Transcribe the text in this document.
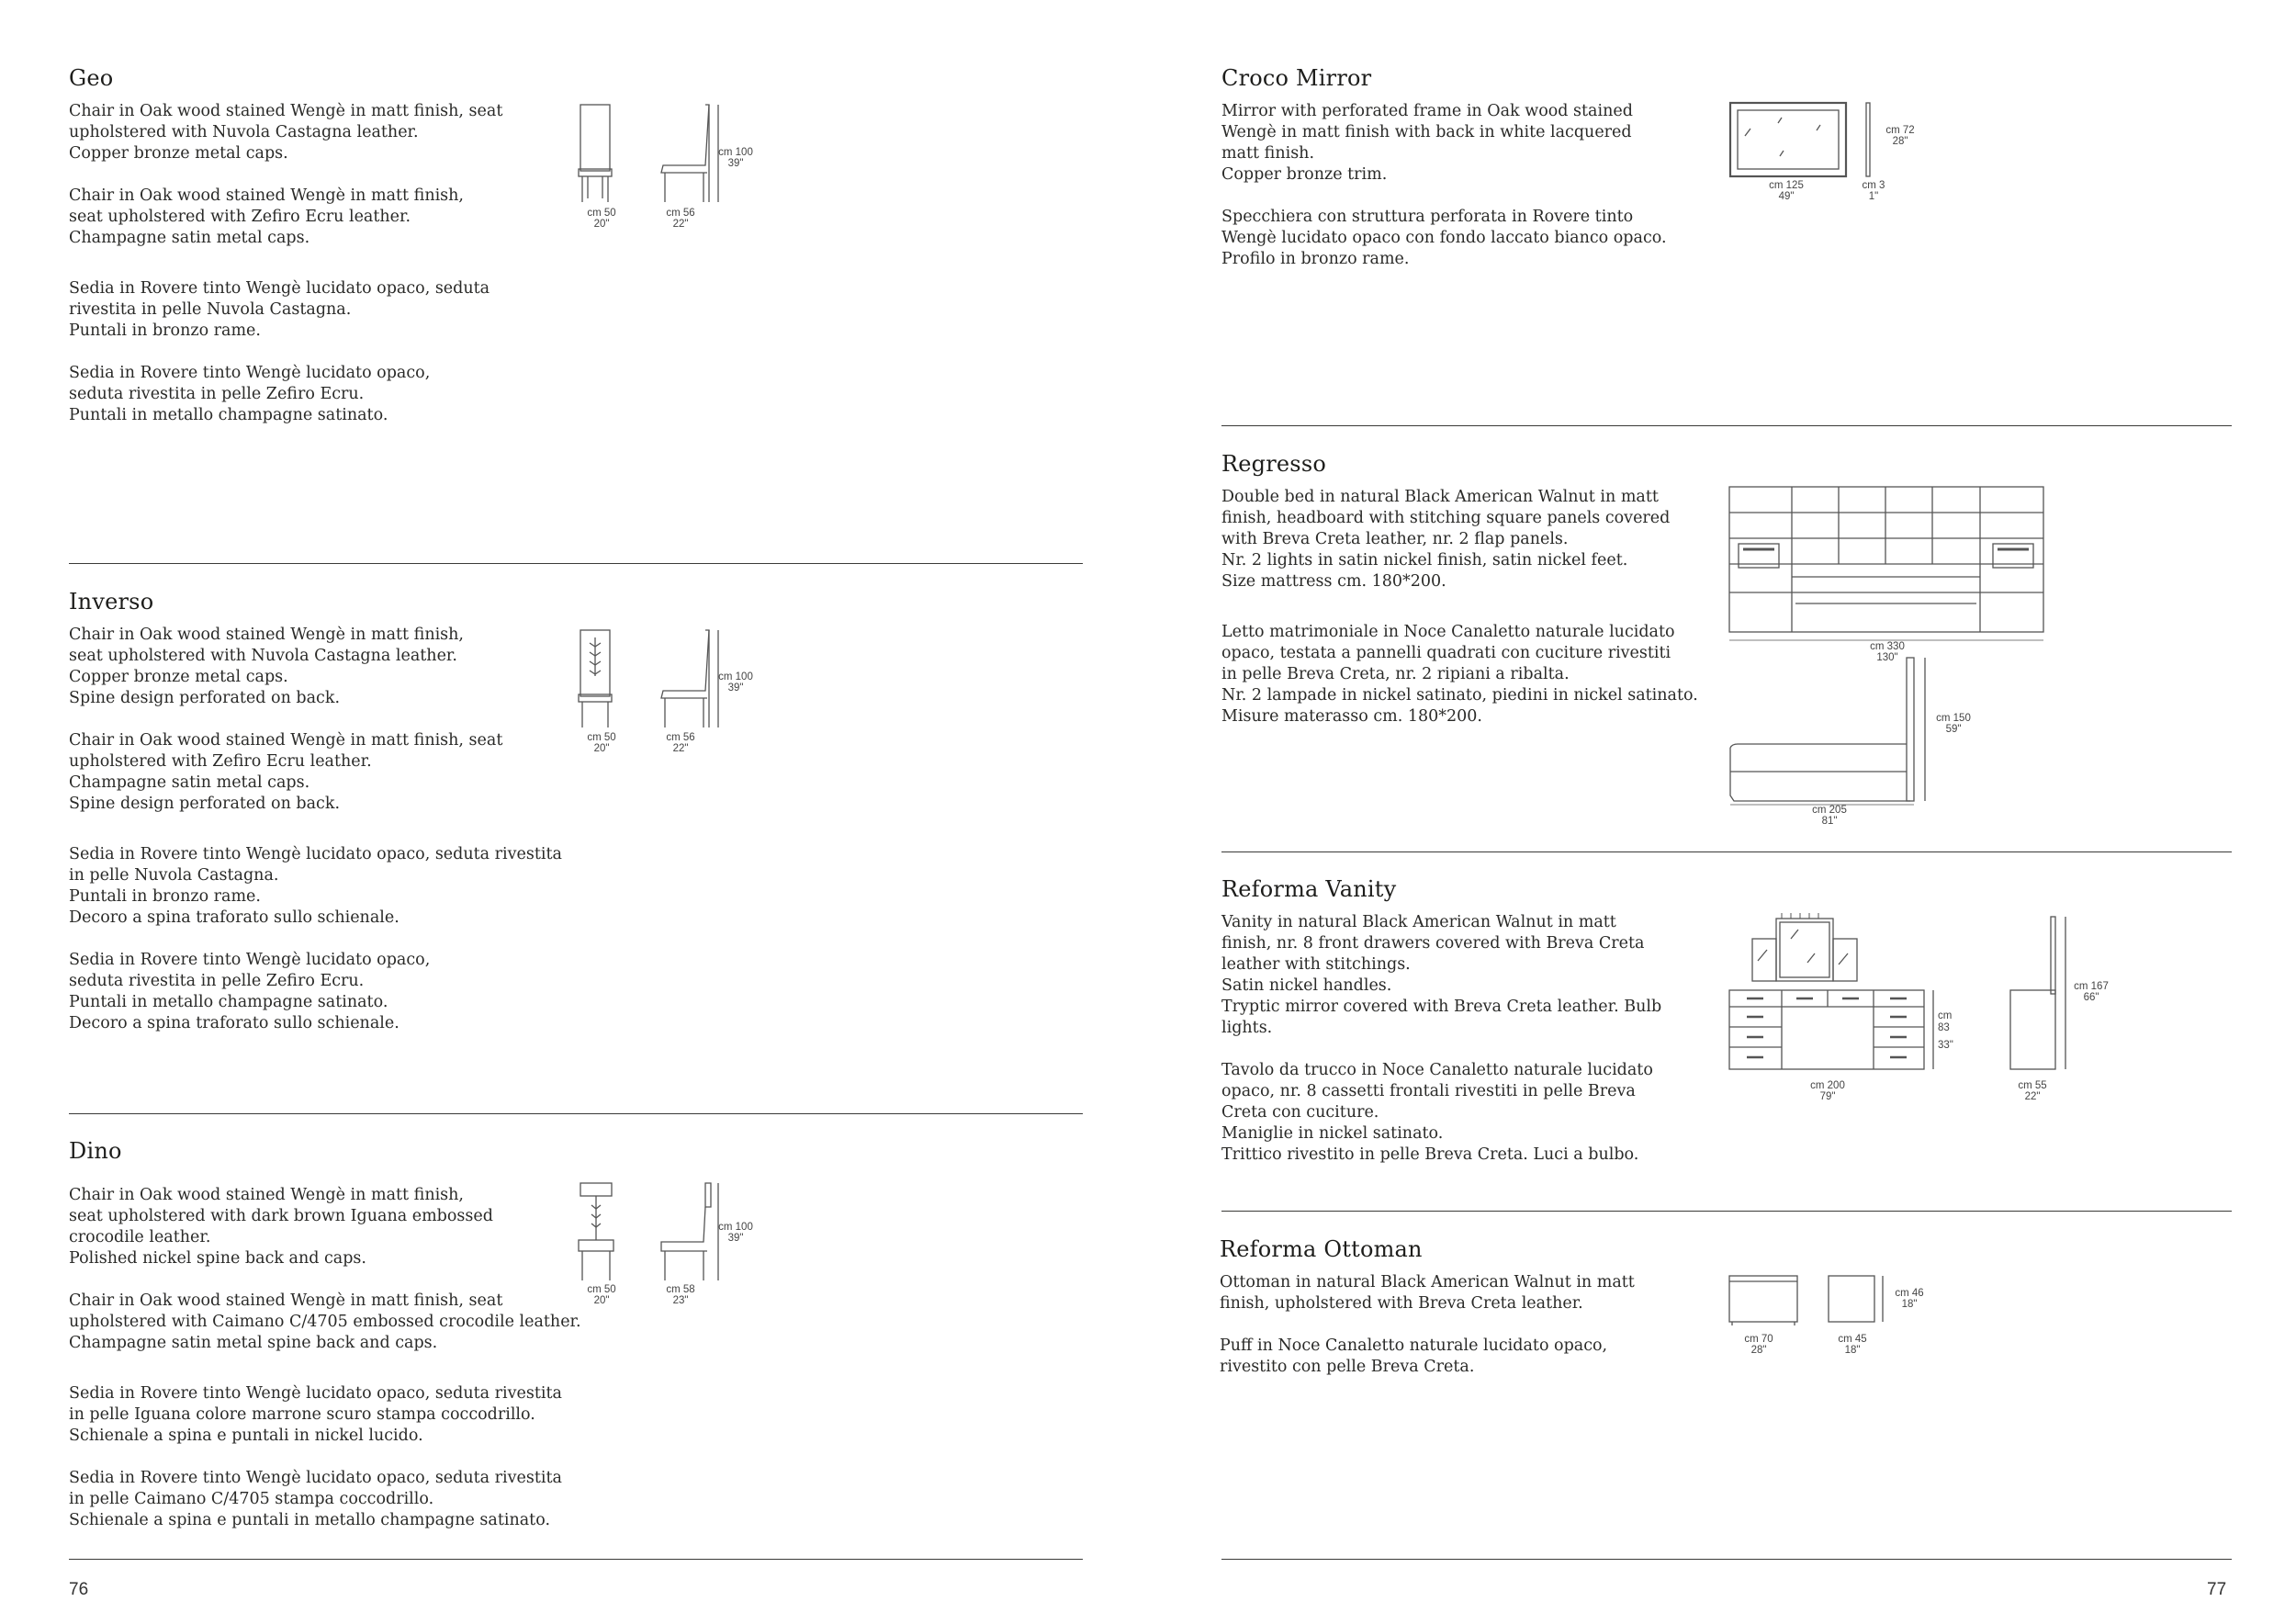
Geo

Chair in Oak wood stained Wengè in matt finish, seat
upholstered with Nuvola Castagna leather.
Copper bronze metal caps.

Chair in Oak wood stained Wengè in matt finish,
seat upholstered with Zefiro Ecru leather.
Champagne satin metal caps.

Sedia in Rovere tinto Wengè lucidato opaco, seduta
rivestita in pelle Nuvola Castagna.
Puntali in bronzo rame.

Sedia in Rovere tinto Wengè lucidato opaco,
seduta rivestita in pelle Zefiro Ecru.
Puntali in metallo champagne satinato.

cm 50
20"
cm 56
22"
cm 100
39"
Inverso

Chair in Oak wood stained Wengè in matt finish,
seat upholstered with Nuvola Castagna leather.
Copper bronze metal caps.
Spine design perforated on back.

Chair in Oak wood stained Wengè in matt finish, seat
upholstered with Zefiro Ecru leather.
Champagne satin metal caps.
Spine design perforated on back.

Sedia in Rovere tinto Wengè lucidato opaco, seduta rivestita
in pelle Nuvola Castagna.
Puntali in bronzo rame.
Decoro a spina traforato sullo schienale.

Sedia in Rovere tinto Wengè lucidato opaco,
seduta rivestita in pelle Zefiro Ecru.
Puntali in metallo champagne satinato.
Decoro a spina traforato sullo schienale.

cm 50
20"
cm 56
22"
cm 100
39"
Dino

Chair in Oak wood stained Wengè in matt finish,
seat upholstered with dark brown Iguana embossed
crocodile leather.
Polished nickel spine back and caps.

Chair in Oak wood stained Wengè in matt finish, seat
upholstered with Caimano C/4705 embossed crocodile leather.
Champagne satin metal spine back and caps.

Sedia in Rovere tinto Wengè lucidato opaco, seduta rivestita
in pelle Iguana colore marrone scuro stampa coccodrillo.
Schienale a spina e puntali in nickel lucido.

Sedia in Rovere tinto Wengè lucidato opaco, seduta rivestita
in pelle Caimano C/4705 stampa coccodrillo.
Schienale a spina e puntali in metallo champagne satinato.

cm 50
20"
cm 58
23"
cm 100
39"
76
Croco Mirror

Mirror with perforated frame in Oak wood stained
Wengè in matt finish with back in white lacquered
matt finish.
Copper bronze trim.

Specchiera con struttura perforata in Rovere tinto
Wengè lucidato opaco con fondo laccato bianco opaco.
Profilo in bronzo rame.

cm 125
49"
cm 3
1"
cm 72
28"
Regresso

Double bed in natural Black American Walnut in matt
finish, headboard with stitching square panels covered
with Breva Creta leather, nr. 2 flap panels.
Nr. 2 lights in satin nickel finish, satin nickel feet.
Size mattress cm. 180*200.

Letto matrimoniale in Noce Canaletto naturale lucidato
opaco, testata a pannelli quadrati con cuciture rivestiti
in pelle Breva Creta, nr. 2 ripiani a ribalta.
Nr. 2 lampade in nickel satinato, piedini in nickel satinato.
Misure materasso cm. 180*200.

cm 330
130"
cm 205
81"
cm 150
59"
Reforma Vanity

Vanity in natural Black American Walnut in matt
finish, nr. 8 front drawers covered with Breva Creta
leather with stitchings.
Satin nickel handles.
Tryptic mirror covered with Breva Creta leather. Bulb
lights.

Tavolo da trucco in Noce Canaletto naturale lucidato
opaco, nr. 8 cassetti frontali rivestiti in pelle Breva
Creta con cuciture.
Maniglie in nickel satinato.
Trittico rivestito in pelle Breva Creta. Luci a bulbo.

cm 200
79"
cm
83
33"
cm 55
22"
cm 167
66"
Reforma Ottoman

Ottoman in natural Black American Walnut in matt
finish, upholstered with Breva Creta leather.

Puff in Noce Canaletto naturale lucidato opaco,
rivestito con pelle Breva Creta.

cm 70
28"
cm 45
18"
cm 46
18"
77
